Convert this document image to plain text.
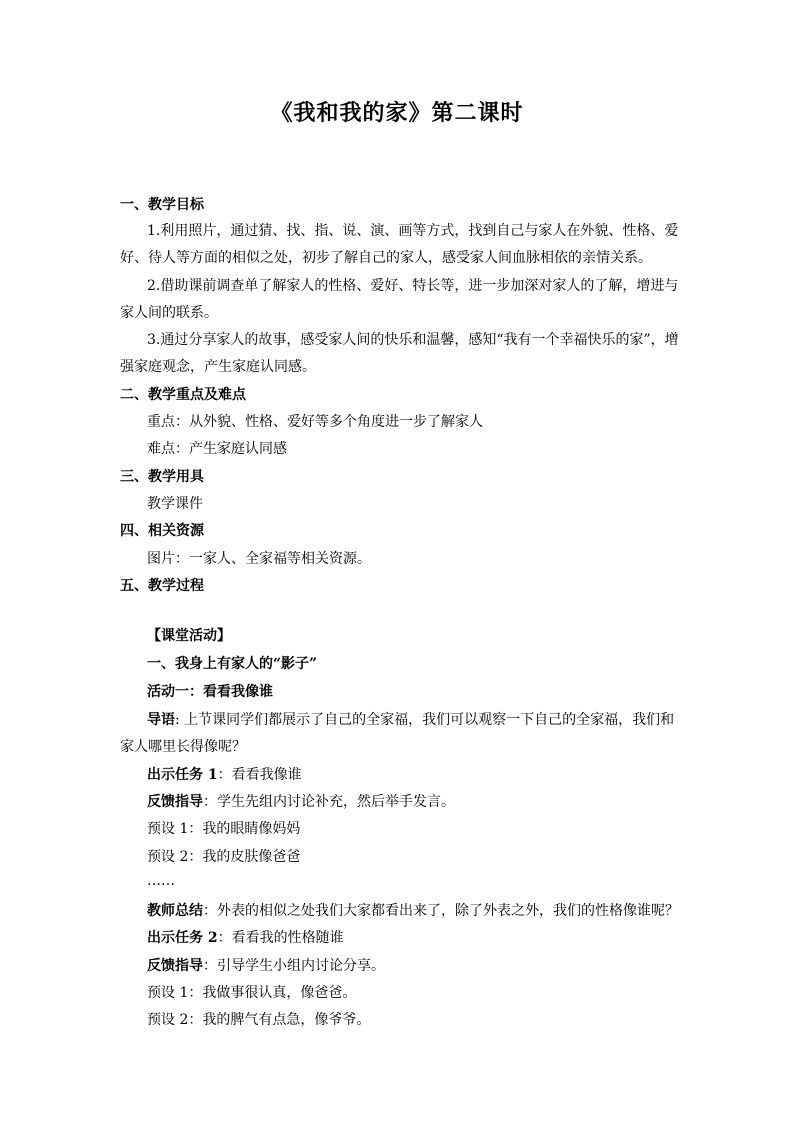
《我和我的家》第二课时
一、教学目标
1.利用照片，通过猜、找、指、说、演、画等方式，找到自己与家人在外貌、性格、爱
好、待人等方面的相似之处，初步了解自己的家人，感受家人间血脉相依的亲情关系。
2.借助课前调查单了解家人的性格、爱好、特长等，进一步加深对家人的了解，增进与
家人间的联系。
3.通过分享家人的故事，感受家人间的快乐和温馨，感知“我有一个幸福快乐的家”，增
强家庭观念，产生家庭认同感。
二、教学重点及难点
重点：从外貌、性格、爱好等多个角度进一步了解家人
难点：产生家庭认同感
三、教学用具
教学课件
四、相关资源
图片：一家人、全家福等相关资源。
五、教学过程
【课堂活动】
一、我身上有家人的“影子”
活动一：看看我像谁
导语: 上节课同学们都展示了自己的全家福，我们可以观察一下自己的全家福，我们和
家人哪里长得像呢？
出示任务 1：看看我像谁
反馈指导：学生先组内讨论补充，然后举手发言。
预设 1：我的眼睛像妈妈
预设 2：我的皮肤像爸爸
……
教师总结：外表的相似之处我们大家都看出来了，除了外表之外，我们的性格像谁呢？
出示任务 2：看看我的性格随谁
反馈指导：引导学生小组内讨论分享。
预设 1：我做事很认真，像爸爸。
预设 2：我的脾气有点急，像爷爷。
